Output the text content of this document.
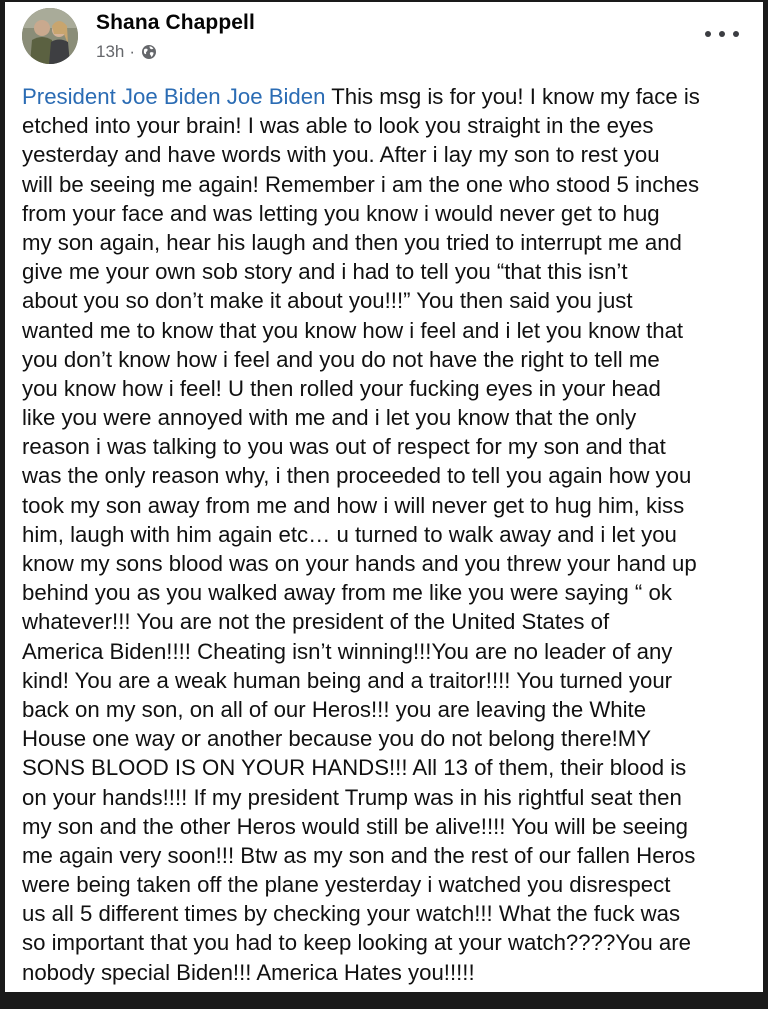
Shana Chappell
13h ·
President Joe Biden Joe Biden This msg is for you! I know my face is
etched into your brain! I was able to look you straight in the eyes
yesterday and have words with you. After i lay my son to rest you
will be seeing me again! Remember i am the one who stood 5 inches
from your face and was letting you know i would never get to hug
my son again, hear his laugh and then you tried to interrupt me and
give me your own sob story and i had to tell you “that this isn’t
about you so don’t make it about you!!!” You then said you just
wanted me to know that you know how i feel and i let you know that
you don’t know how i feel and you do not have the right to tell me
you know how i feel! U then rolled your fucking eyes in your head
like you were annoyed with me and i let you know that the only
reason i was talking to you was out of respect for my son and that
was the only reason why, i then proceeded to tell you again how you
took my son away from me and how i will never get to hug him, kiss
him, laugh with him again etc… u turned to walk away and i let you
know my sons blood was on your hands and you threw your hand up
behind you as you walked away from me like you were saying “ ok
whatever!!! You are not the president of the United States of
America Biden!!!! Cheating isn’t winning!!!You are no leader of any
kind! You are a weak human being and a traitor!!!! You turned your
back on my son, on all of our Heros!!! you are leaving the White
House one way or another because you do not belong there!MY
SONS BLOOD IS ON YOUR HANDS!!! All 13 of them, their blood is
on your hands!!!! If my president Trump was in his rightful seat then
my son and the other Heros would still be alive!!!! You will be seeing
me again very soon!!! Btw as my son and the rest of our fallen Heros
were being taken off the plane yesterday i watched you disrespect
us all 5 different times by checking your watch!!! What the fuck was
so important that you had to keep looking at your watch????You are
nobody special Biden!!! America Hates you!!!!!
